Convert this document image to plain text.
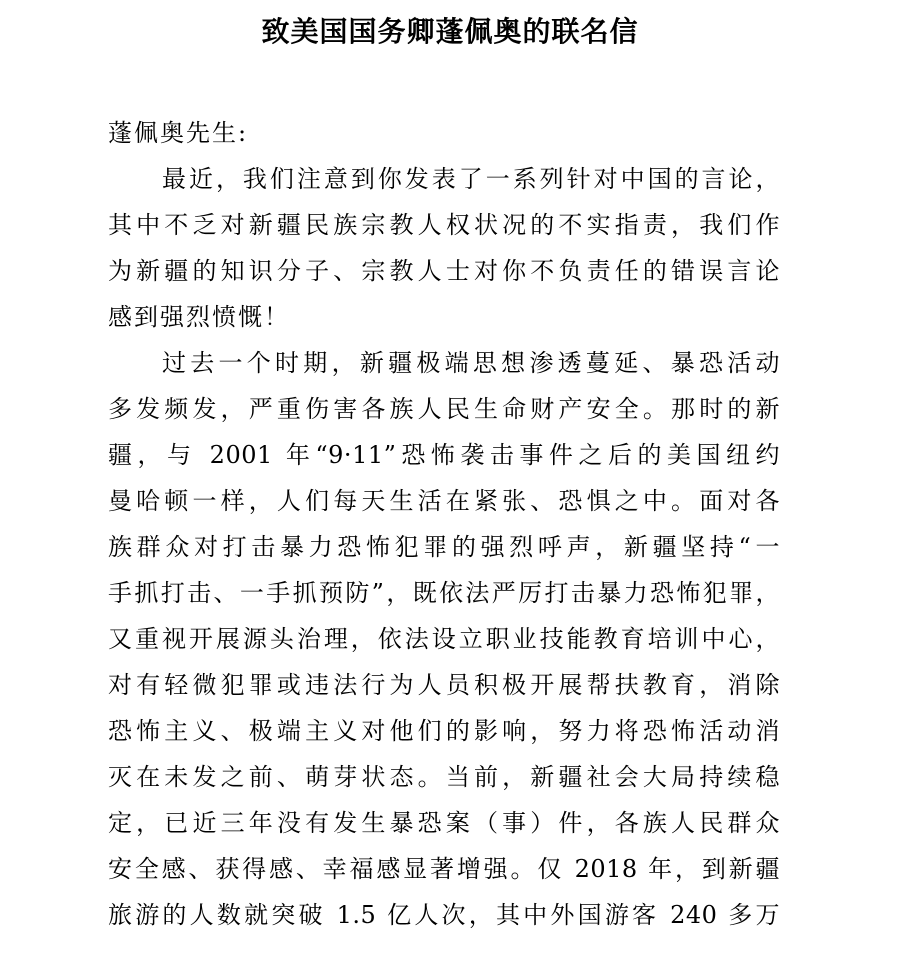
致美国国务卿蓬佩奥的联名信
蓬佩奥先生:
最近，我们注意到你发表了一系列针对中国的言论，
其中不乏对新疆民族宗教人权状况的不实指责，我们作
为新疆的知识分子、宗教人士对你不负责任的错误言论
感到强烈愤慨！
过去一个时期，新疆极端思想渗透蔓延、暴恐活动
多发频发，严重伤害各族人民生命财产安全。那时的新
疆，与 2001 年“9·11”恐怖袭击事件之后的美国纽约
曼哈顿一样，人们每天生活在紧张、恐惧之中。面对各
族群众对打击暴力恐怖犯罪的强烈呼声，新疆坚持“一
手抓打击、一手抓预防”，既依法严厉打击暴力恐怖犯罪，
又重视开展源头治理，依法设立职业技能教育培训中心，
对有轻微犯罪或违法行为人员积极开展帮扶教育，消除
恐怖主义、极端主义对他们的影响，努力将恐怖活动消
灭在未发之前、萌芽状态。当前，新疆社会大局持续稳
定，已近三年没有发生暴恐案（事）件，各族人民群众
安全感、获得感、幸福感显著增强。仅 2018 年，到新疆
旅游的人数就突破 1.5 亿人次，其中外国游客 240 多万
